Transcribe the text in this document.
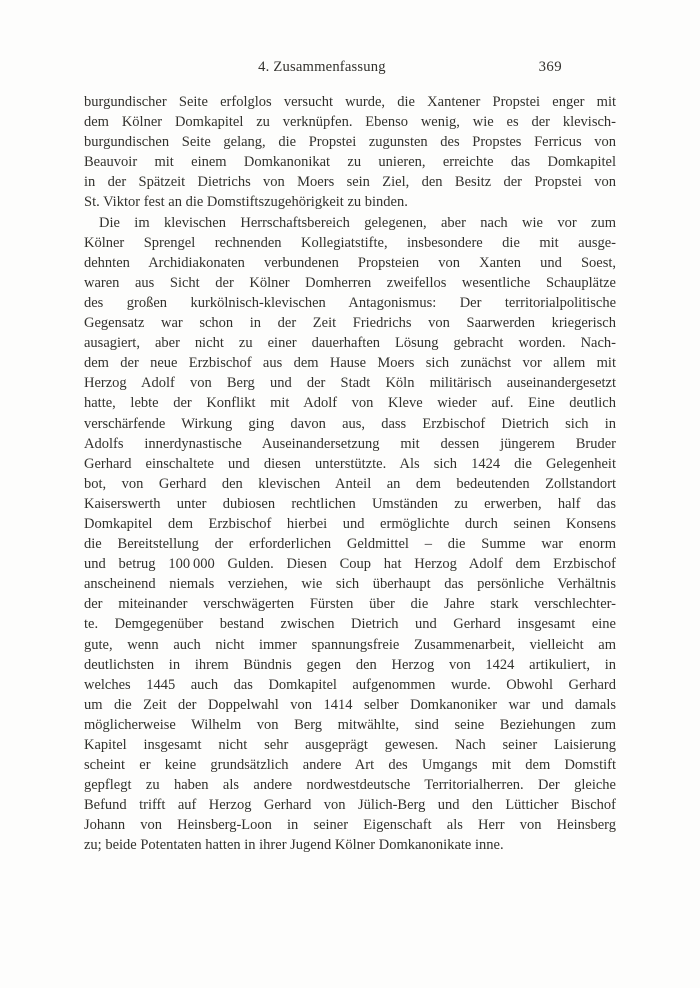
4. Zusammenfassung	369
burgundischer Seite erfolglos versucht wurde, die Xantener Propstei enger mit
dem Kölner Domkapitel zu verknüpfen. Ebenso wenig, wie es der klevisch-
burgundischen Seite gelang, die Propstei zugunsten des Propstes Ferricus von
Beauvoir mit einem Domkanonikat zu unieren, erreichte das Domkapitel
in der Spätzeit Dietrichs von Moers sein Ziel, den Besitz der Propstei von
St. Viktor fest an die Domstiftszugehörigkeit zu binden.
Die im klevischen Herrschaftsbereich gelegenen, aber nach wie vor zum
Kölner Sprengel rechnenden Kollegiatstifte, insbesondere die mit ausge-
dehnten Archidiakonaten verbundenen Propsteien von Xanten und Soest,
waren aus Sicht der Kölner Domherren zweifellos wesentliche Schauplätze
des großen kurkölnisch-klevischen Antagonismus: Der territorialpolitische
Gegensatz war schon in der Zeit Friedrichs von Saarwerden kriegerisch
ausagiert, aber nicht zu einer dauerhaften Lösung gebracht worden. Nach-
dem der neue Erzbischof aus dem Hause Moers sich zunächst vor allem mit
Herzog Adolf von Berg und der Stadt Köln militärisch auseinandergesetzt
hatte, lebte der Konflikt mit Adolf von Kleve wieder auf. Eine deutlich
verschärfende Wirkung ging davon aus, dass Erzbischof Dietrich sich in
Adolfs innerdynastische Auseinandersetzung mit dessen jüngerem Bruder
Gerhard einschaltete und diesen unterstützte. Als sich 1424 die Gelegenheit
bot, von Gerhard den klevischen Anteil an dem bedeutenden Zollstandort
Kaiserswerth unter dubiosen rechtlichen Umständen zu erwerben, half das
Domkapitel dem Erzbischof hierbei und ermöglichte durch seinen Konsens
die Bereitstellung der erforderlichen Geldmittel – die Summe war enorm
und betrug 100 000 Gulden. Diesen Coup hat Herzog Adolf dem Erzbischof
anscheinend niemals verziehen, wie sich überhaupt das persönliche Verhältnis
der miteinander verschwägerten Fürsten über die Jahre stark verschlechter-
te. Demgegenüber bestand zwischen Dietrich und Gerhard insgesamt eine
gute, wenn auch nicht immer spannungsfreie Zusammenarbeit, vielleicht am
deutlichsten in ihrem Bündnis gegen den Herzog von 1424 artikuliert, in
welches 1445 auch das Domkapitel aufgenommen wurde. Obwohl Gerhard
um die Zeit der Doppelwahl von 1414 selber Domkanoniker war und damals
möglicherweise Wilhelm von Berg mitwählte, sind seine Beziehungen zum
Kapitel insgesamt nicht sehr ausgeprägt gewesen. Nach seiner Laisierung
scheint er keine grundsätzlich andere Art des Umgangs mit dem Domstift
gepflegt zu haben als andere nordwestdeutsche Territorialherren. Der gleiche
Befund trifft auf Herzog Gerhard von Jülich-Berg und den Lütticher Bischof
Johann von Heinsberg-Loon in seiner Eigenschaft als Herr von Heinsberg
zu; beide Potentaten hatten in ihrer Jugend Kölner Domkanonikate inne.
